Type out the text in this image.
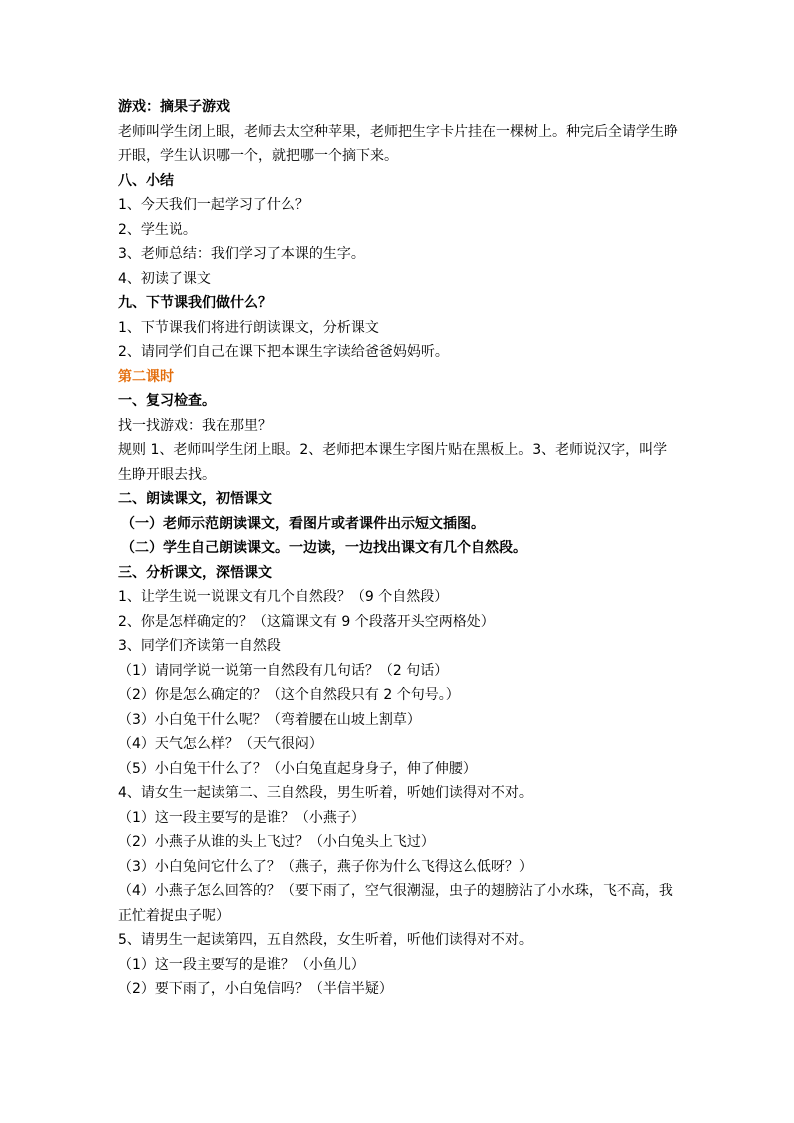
游戏：摘果子游戏

老师叫学生闭上眼，老师去太空种苹果，老师把生字卡片挂在一棵树上。种完后全请学生睁开眼，学生认识哪一个，就把哪一个摘下来。

八、小结

1、今天我们一起学习了什么？

2、学生说。

3、老师总结：我们学习了本课的生字。

4、初读了课文

九、下节课我们做什么？

1、下节课我们将进行朗读课文，分析课文

2、请同学们自己在课下把本课生字读给爸爸妈妈听。

第二课时

一、复习检查。

找一找游戏：我在那里？

规则 1、老师叫学生闭上眼。2、老师把本课生字图片贴在黑板上。3、老师说汉字，叫学生睁开眼去找。

二、朗读课文，初悟课文

（一）老师示范朗读课文，看图片或者课件出示短文插图。

（二）学生自己朗读课文。一边读，一边找出课文有几个自然段。

三、分析课文，深悟课文

1、让学生说一说课文有几个自然段？（9 个自然段）

2、你是怎样确定的？（这篇课文有 9 个段落开头空两格处）

3、同学们齐读第一自然段

（1）请同学说一说第一自然段有几句话？（2 句话）

（2）你是怎么确定的？（这个自然段只有 2 个句号。）

（3）小白兔干什么呢？（弯着腰在山坡上割草）

（4）天气怎么样？（天气很闷）

（5）小白兔干什么了？（小白兔直起身身子，伸了伸腰）

4、请女生一起读第二、三自然段，男生听着，听她们读得对不对。

（1）这一段主要写的是谁？（小燕子）

（2）小燕子从谁的头上飞过？（小白兔头上飞过）

（3）小白兔问它什么了？（燕子，燕子你为什么飞得这么低呀？）

（4）小燕子怎么回答的？（要下雨了，空气很潮湿，虫子的翅膀沾了小水珠，飞不高，我正忙着捉虫子呢）

5、请男生一起读第四，五自然段，女生听着，听他们读得对不对。

（1）这一段主要写的是谁？（小鱼儿）

（2）要下雨了，小白兔信吗？（半信半疑）
